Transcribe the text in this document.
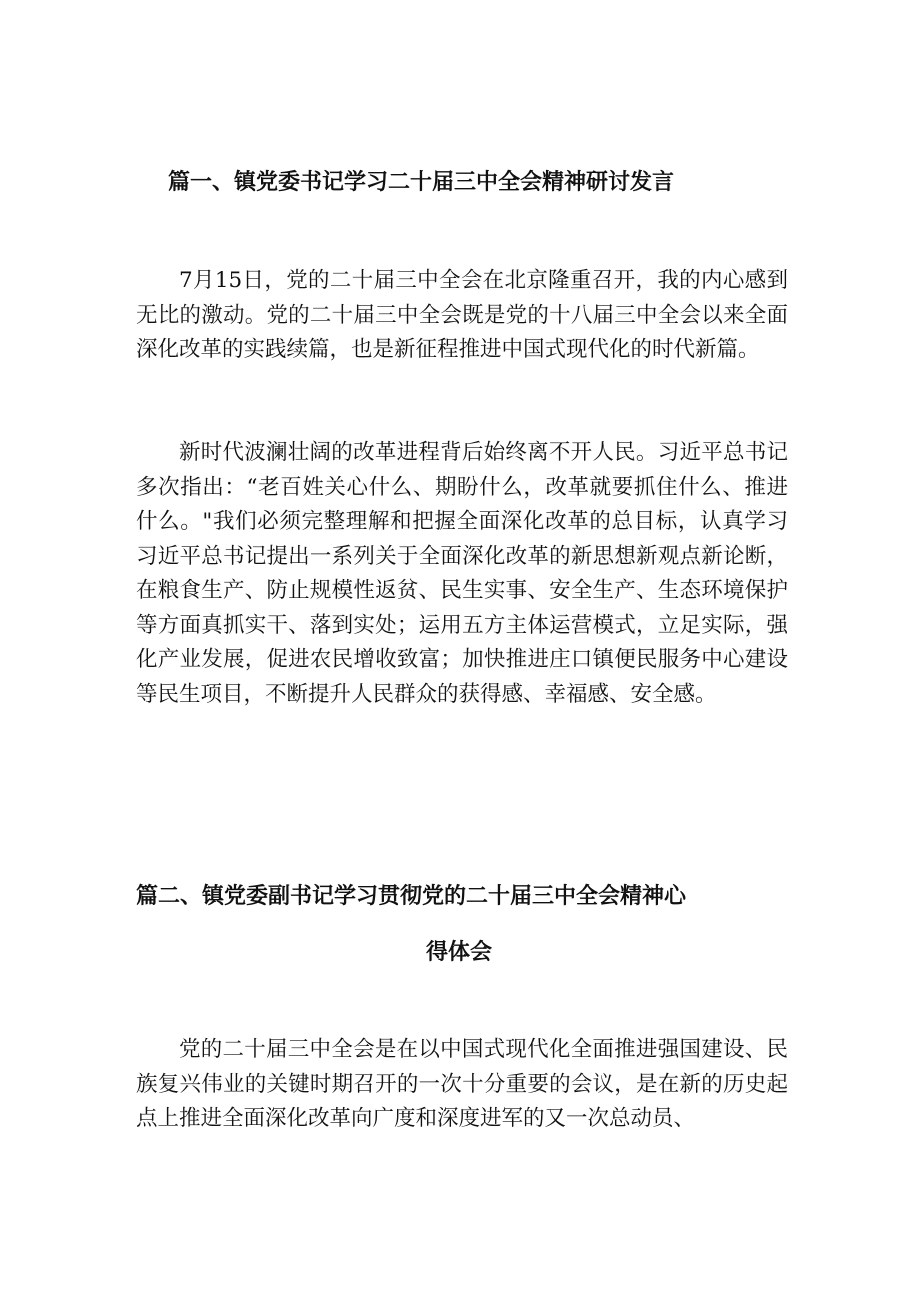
篇一、镇党委书记学习二十届三中全会精神研讨发言

7月15日，党的二十届三中全会在北京隆重召开，我的内心感到无比的激动。党的二十届三中全会既是党的十八届三中全会以来全面深化改革的实践续篇，也是新征程推进中国式现代化的时代新篇。

新时代波澜壮阔的改革进程背后始终离不开人民。习近平总书记多次指出：“老百姓关心什么、期盼什么，改革就要抓住什么、推进什么。"我们必须完整理解和把握全面深化改革的总目标，认真学习习近平总书记提出一系列关于全面深化改革的新思想新观点新论断，在粮食生产、防止规模性返贫、民生实事、安全生产、生态环境保护等方面真抓实干、落到实处；运用五方主体运营模式，立足实际，强化产业发展，促进农民增收致富；加快推进庄口镇便民服务中心建设等民生项目，不断提升人民群众的获得感、幸福感、安全感。

篇二、镇党委副书记学习贯彻党的二十届三中全会精神心
得体会

党的二十届三中全会是在以中国式现代化全面推进强国建设、民族复兴伟业的关键时期召开的一次十分重要的会议，是在新的历史起点上推进全面深化改革向广度和深度进军的又一次总动员、
